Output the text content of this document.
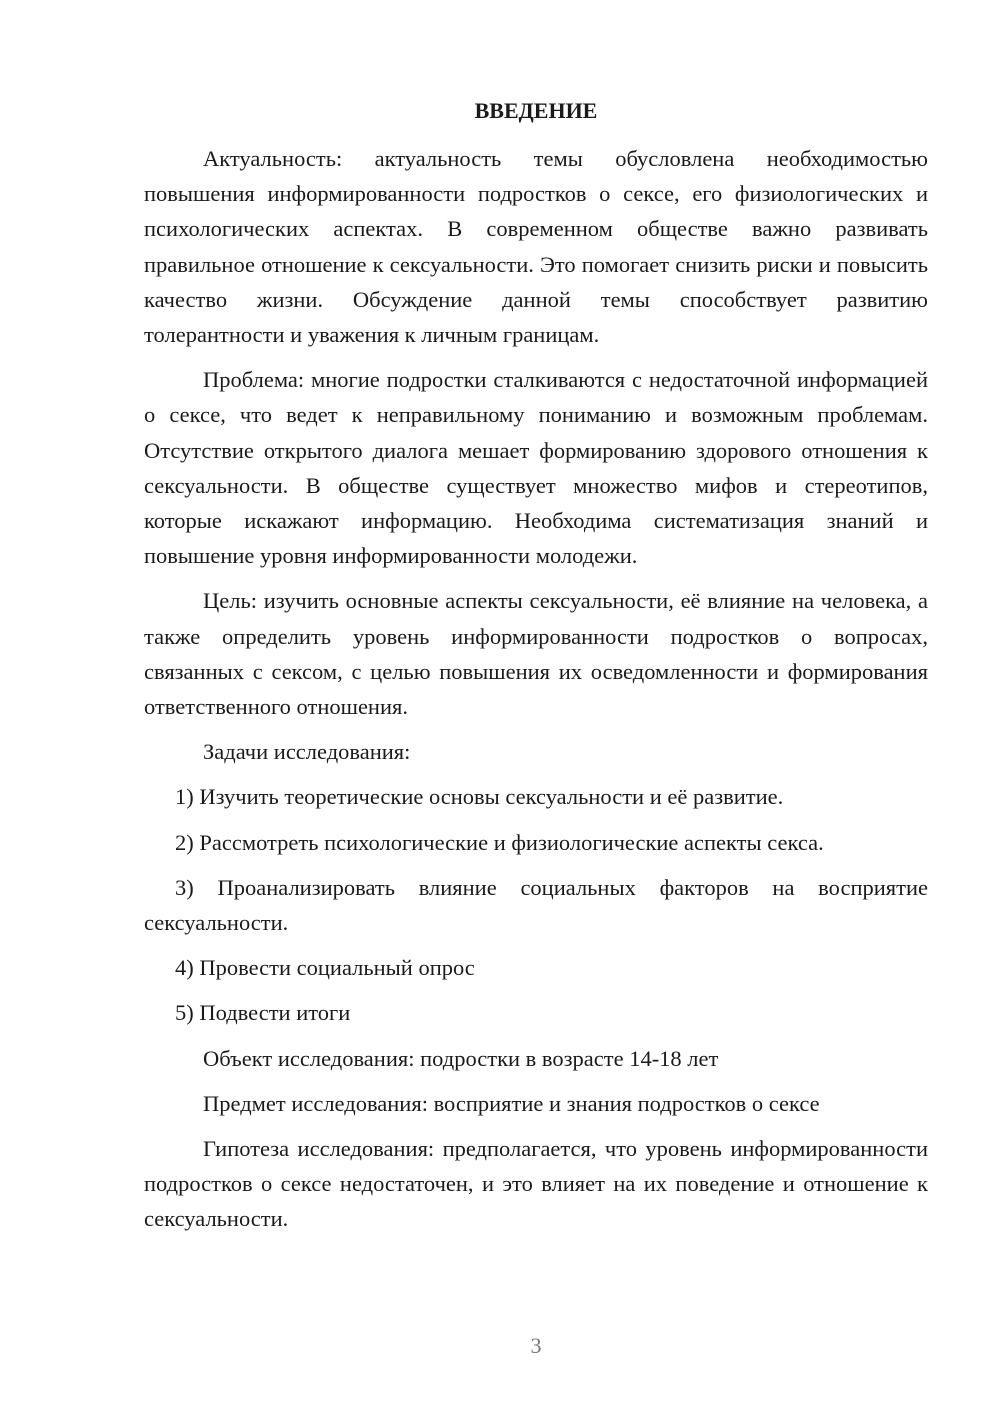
ВВЕДЕНИЕ
Актуальность: актуальность темы обусловлена необходимостью повышения информированности подростков о сексе, его физиологических и психологических аспектах. В современном обществе важно развивать правильное отношение к сексуальности. Это помогает снизить риски и повысить качество жизни. Обсуждение данной темы способствует развитию толерантности и уважения к личным границам.
Проблема: многие подростки сталкиваются с недостаточной информацией о сексе, что ведет к неправильному пониманию и возможным проблемам. Отсутствие открытого диалога мешает формированию здорового отношения к сексуальности. В обществе существует множество мифов и стереотипов, которые искажают информацию. Необходима систематизация знаний и повышение уровня информированности молодежи.
Цель: изучить основные аспекты сексуальности, её влияние на человека, а также определить уровень информированности подростков о вопросах, связанных с сексом, с целью повышения их осведомленности и формирования ответственного отношения.
Задачи исследования:
1) Изучить теоретические основы сексуальности и её развитие.
2) Рассмотреть психологические и физиологические аспекты секса.
3) Проанализировать влияние социальных факторов на восприятие сексуальности.
4) Провести социальный опрос
5) Подвести итоги
Объект исследования: подростки в возрасте 14-18 лет
Предмет исследования: восприятие и знания подростков о сексе
Гипотеза исследования: предполагается, что уровень информированности подростков о сексе недостаточен, и это влияет на их поведение и отношение к сексуальности.
3
